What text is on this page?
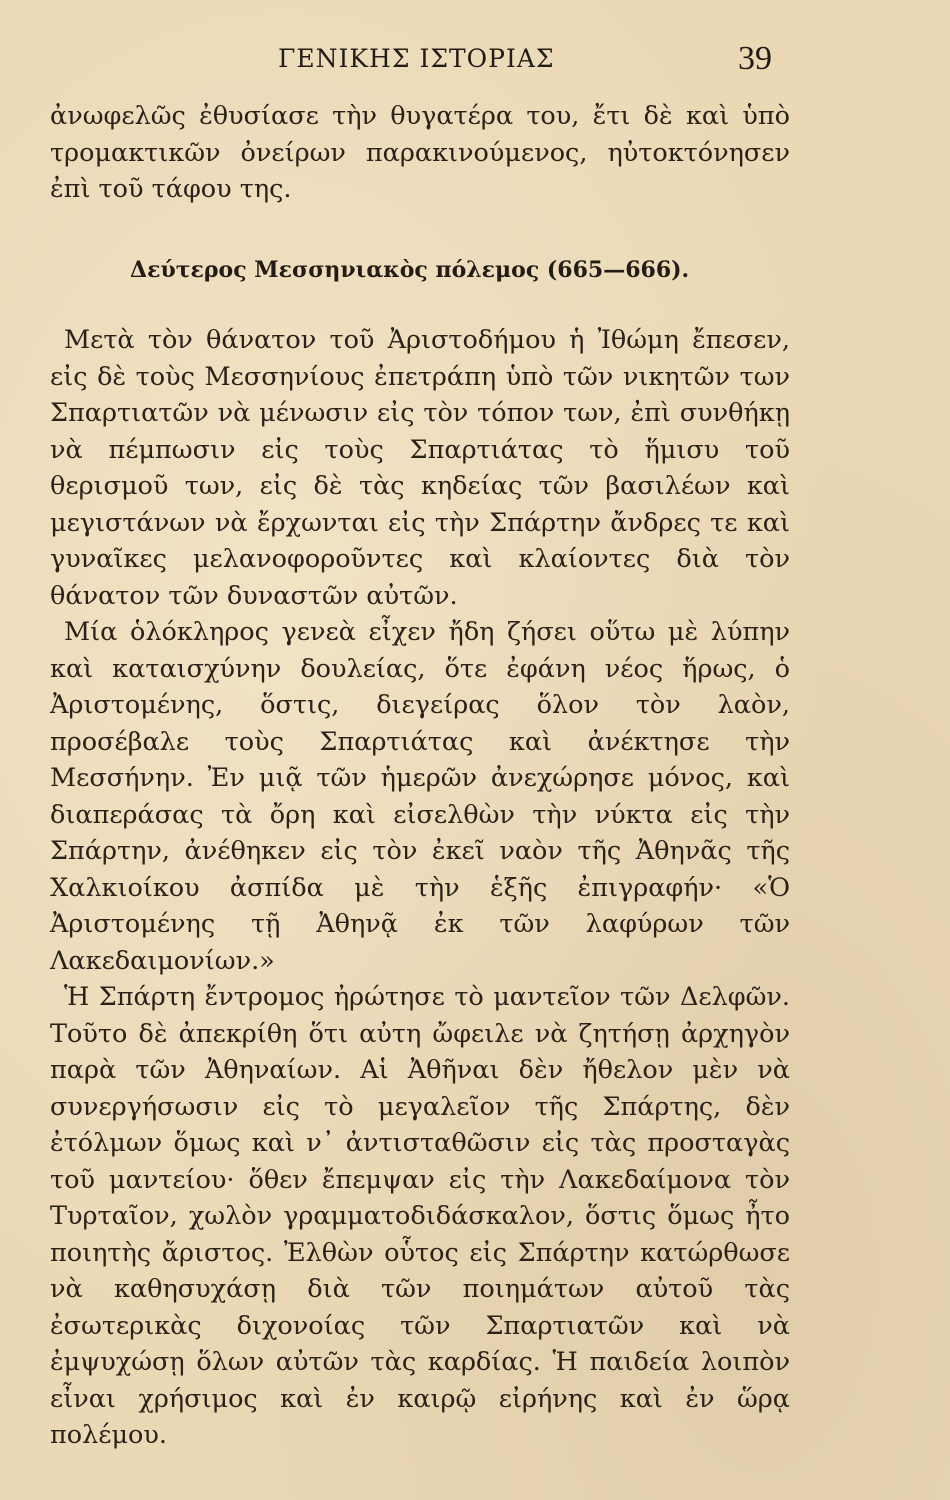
ΓΕΝΙΚΗΣ ΙΣΤΟΡΙΑΣ	39

ἀνωφελῶς ἐθυσίασε τὴν θυγατέρα του, ἔτι δὲ καὶ ὑπὸ τρομακτικῶν ὀνείρων παρακινούμενος, ηὐτοκτόνησεν ἐπὶ τοῦ τάφου της.

Δεύτερος Μεσσηνιακὸς πόλεμος (665—666).

Μετὰ τὸν θάνατον τοῦ Ἀριστοδήμου ἡ Ἰθώμη ἔπεσεν, εἰς δὲ τοὺς Μεσσηνίους ἐπετράπη ὑπὸ τῶν νικητῶν των Σπαρτιατῶν νὰ μένωσιν εἰς τὸν τόπον των, ἐπὶ συνθήκῃ νὰ πέμπωσιν εἰς τοὺς Σπαρτιάτας τὸ ἥμισυ τοῦ θερισμοῦ των, εἰς δὲ τὰς κηδείας τῶν βασιλέων καὶ μεγιστάνων νὰ ἔρχωνται εἰς τὴν Σπάρτην ἄνδρες τε καὶ γυναῖκες μελανοφοροῦντες καὶ κλαίοντες διὰ τὸν θάνατον τῶν δυναστῶν αὐτῶν.

Μία ὁλόκληρος γενεὰ εἶχεν ἤδη ζήσει οὕτω μὲ λύπην καὶ καταισχύνην δουλείας, ὅτε ἐφάνη νέος ἥρως, ὁ Ἀριστομένης, ὅστις, διεγείρας ὅλον τὸν λαὸν, προσέβαλε τοὺς Σπαρτιάτας καὶ ἀνέκτησε τὴν Μεσσήνην. Ἐν μιᾷ τῶν ἡμερῶν ἀνεχώρησε μόνος, καὶ διαπεράσας τὰ ὄρη καὶ εἰσελθὼν τὴν νύκτα εἰς τὴν Σπάρτην, ἀνέθηκεν εἰς τὸν ἐκεῖ ναὸν τῆς Ἀθηνᾶς τῆς Χαλκιοίκου ἀσπίδα μὲ τὴν ἑξῆς ἐπιγραφήν· «Ὁ Ἀριστομένης τῇ Ἀθηνᾷ ἐκ τῶν λαφύρων τῶν Λακεδαιμονίων.»

Ἡ Σπάρτη ἔντρομος ἠρώτησε τὸ μαντεῖον τῶν Δελφῶν. Τοῦτο δὲ ἀπεκρίθη ὅτι αὐτη ὤφειλε νὰ ζητήσῃ ἀρχηγὸν παρὰ τῶν Ἀθηναίων. Αἱ Ἀθῆναι δὲν ἤθελον μὲν νὰ συνεργήσωσιν εἰς τὸ μεγαλεῖον τῆς Σπάρτης, δὲν ἐτόλμων ὅμως καὶ ν᾽ ἀντισταθῶσιν εἰς τὰς προσταγὰς τοῦ μαντείου· ὅθεν ἔπεμψαν εἰς τὴν Λακεδαίμονα τὸν Τυρταῖον, χωλὸν γραμματοδιδάσκαλον, ὅστις ὅμως ἦτο ποιητὴς ἄριστος. Ἐλθὼν οὗτος εἰς Σπάρτην κατώρθωσε νὰ καθησυχάσῃ διὰ τῶν ποιημάτων αὐτοῦ τὰς ἐσωτερικὰς διχονοίας τῶν Σπαρτιατῶν καὶ νὰ ἐμψυχώσῃ ὅλων αὐτῶν τὰς καρδίας. Ἡ παιδεία λοιπὸν εἶναι χρήσιμος καὶ ἐν καιρῷ εἰρήνης καὶ ἐν ὥρᾳ πολέμου.
